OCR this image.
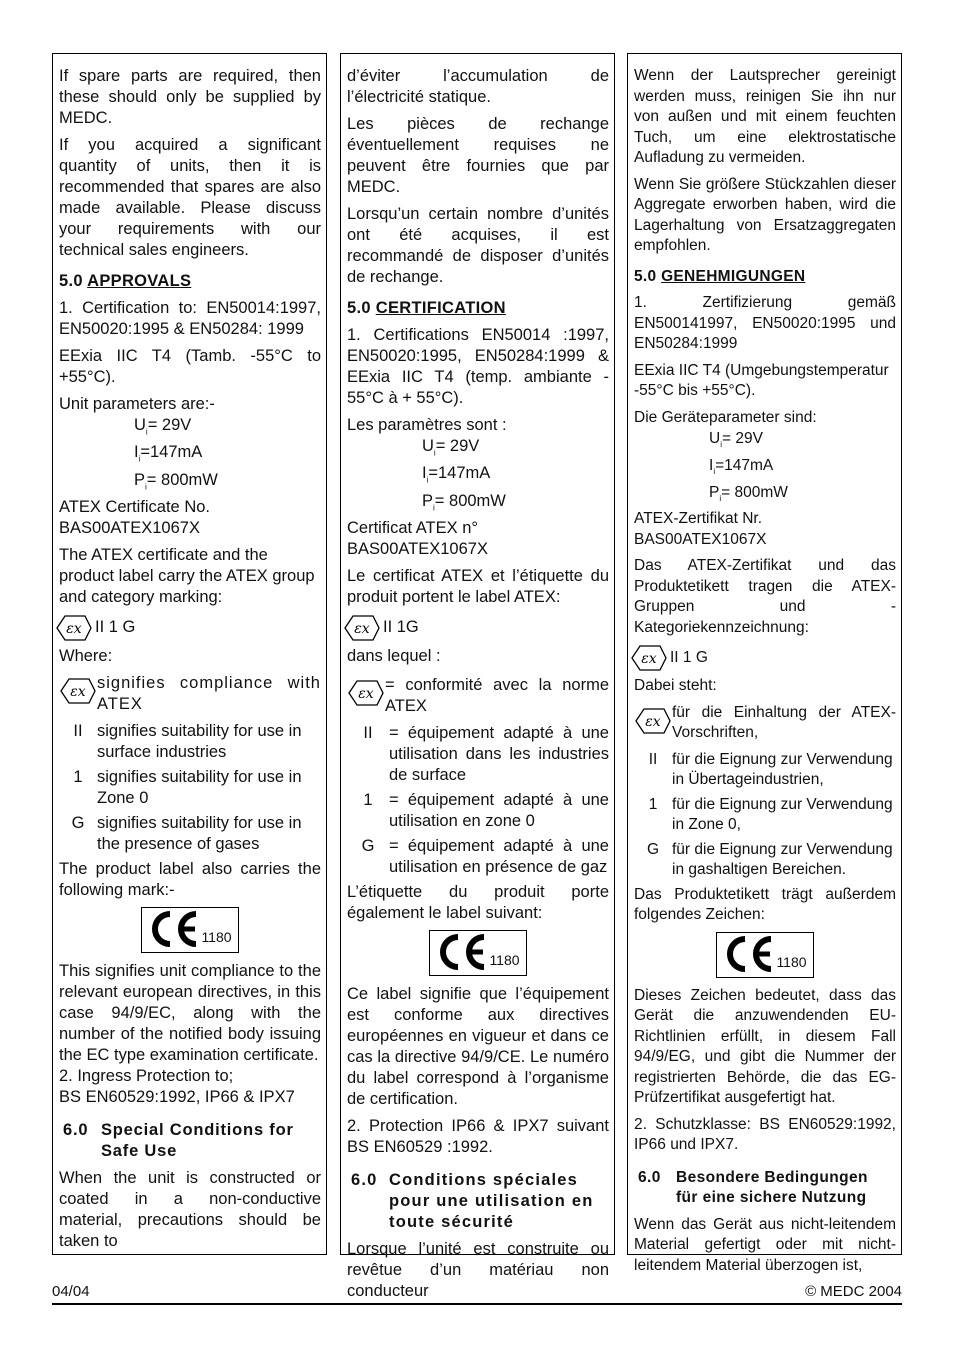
If spare parts are required, then these should only be supplied by MEDC.

If you acquired a significant quantity of units, then it is recommended that spares are also made available. Please discuss your requirements with our technical sales engineers.

5.0 APPROVALS

1. Certification to: EN50014:1997, EN50020:1995 & EN50284: 1999

EExia IIC T4 (Tamb. -55°C to +55°C).

Unit parameters are:-
$U_i= 29V$
$I_i=147mA$
$P_i= 800mW$
ATEX Certificate No.

BAS00ATEX1067X

The ATEX certificate and the product label carry the ATEX group and category marking:

εx II 1 G
Where:
εx signifies compliance with ATEX
II signifies suitability for use in surface industries
1 signifies suitability for use in Zone 0
G signifies suitability for use in the presence of gases
The product label also carries the following mark:-
1180
This signifies unit compliance to the relevant european directives, in this case 94/9/EC, along with the number of the notified body issuing the EC type examination certificate.
2. Ingress Protection to;
BS EN60529:1992, IP66 & IPX7
6.0 Special Conditions for
Safe Use
When the unit is constructed or coated in a non-conductive material, precautions should be taken to

d’éviter l’accumulation de l’électricité statique.

Les pièces de rechange éventuellement requises ne peuvent être fournies que par MEDC.

Lorsqu’un certain nombre d’unités ont été acquises, il est recommandé de disposer d’unités de rechange.

5.0 CERTIFICATION

1. Certifications EN50014 :1997, EN50020:1995, EN50284:1999 & EExia IIC T4 (temp. ambiante - 55°C à + 55°C).

Les paramètres sont :
$U_i= 29V$
$I_i=147mA$
$P_i= 800mW$
Certificat ATEX n°

BAS00ATEX1067X

Le certificat ATEX et l’étiquette du produit portent le label ATEX:

εx II 1G
dans lequel :
εx = conformité avec la norme ATEX
II = équipement adapté à une utilisation dans les industries de surface
1 = équipement adapté à une utilisation en zone 0
G = équipement adapté à une utilisation en présence de gaz
L’étiquette du produit porte également le label suivant:
1180

Ce label signifie que l’équipement est conforme aux directives européennes en vigueur et dans ce cas la directive 94/9/CE. Le numéro du label correspond à l’organisme de certification.

2. Protection IP66 & IPX7 suivant BS EN60529 :1992.

6.0 Conditions spéciales
pour une utilisation en
toute sécurité
Lorsque l’unité est construite ou revêtue d’un matériau non conducteur

Wenn der Lautsprecher gereinigt werden muss, reinigen Sie ihn nur von außen und mit einem feuchten Tuch, um eine elektrostatische Aufladung zu vermeiden.

Wenn Sie größere Stückzahlen dieser Aggregate erworben haben, wird die Lagerhaltung von Ersatzaggregaten empfohlen.

5.0 GENEHMIGUNGEN

1. Zertifizierung gemäß EN500141997, EN50020:1995 und EN50284:1999

EExia IIC T4 (Umgebungstemperatur -55°C bis +55°C).

Die Geräteparameter sind:
$U_i= 29V$
$I_i=147mA$
$P_i= 800mW$
ATEX-Zertifikat Nr.

BAS00ATEX1067X

Das ATEX-Zertifikat und das Produktetikett tragen die ATEX-Gruppen und -Kategoriekennzeichnung:

εx II 1 G
Dabei steht:
εx
für die Einhaltung der ATEX-Vorschriften,
II für die Eignung zur Verwendung in Übertageindustrien,
1 für die Eignung zur Verwendung in Zone 0,
G für die Eignung zur Verwendung in gashaltigen Bereichen.
Das Produktetikett trägt außerdem folgendes Zeichen:
1180

Dieses Zeichen bedeutet, dass das Gerät die anzuwendenden EU-Richtlinien erfüllt, in diesem Fall 94/9/EG, und gibt die Nummer der registrierten Behörde, die das EG-Prüfzertifikat ausgefertigt hat.

2. Schutzklasse: BS EN60529:1992, IP66 und IPX7.

6.0 Besondere Bedingungen
für eine sichere Nutzung
Wenn das Gerät aus nicht-leitendem Material gefertigt oder mit nicht-leitendem Material überzogen ist,
04/04	© MEDC 2004
